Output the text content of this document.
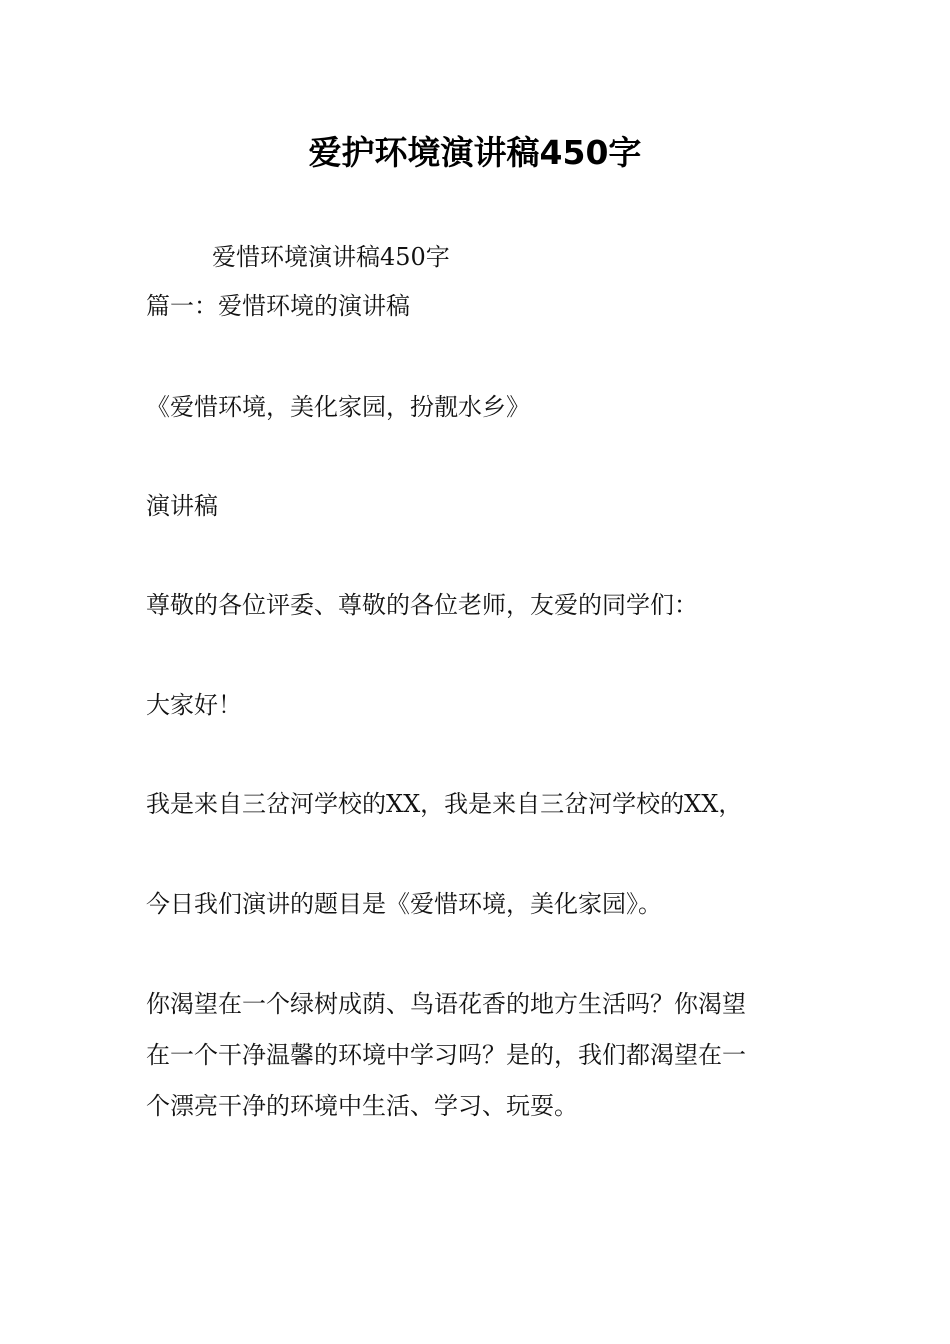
爱护环境演讲稿450字

爱惜环境演讲稿450字

篇一：爱惜环境的演讲稿

《爱惜环境，美化家园，扮靓水乡》

演讲稿

尊敬的各位评委、尊敬的各位老师，友爱的同学们：

大家好！

我是来自三岔河学校的XX，我是来自三岔河学校的XX，

今日我们演讲的题目是《爱惜环境，美化家园》。

你渴望在一个绿树成荫、鸟语花香的地方生活吗？你渴望

在一个干净温馨的环境中学习吗？是的，我们都渴望在一

个漂亮干净的环境中生活、学习、玩耍。
